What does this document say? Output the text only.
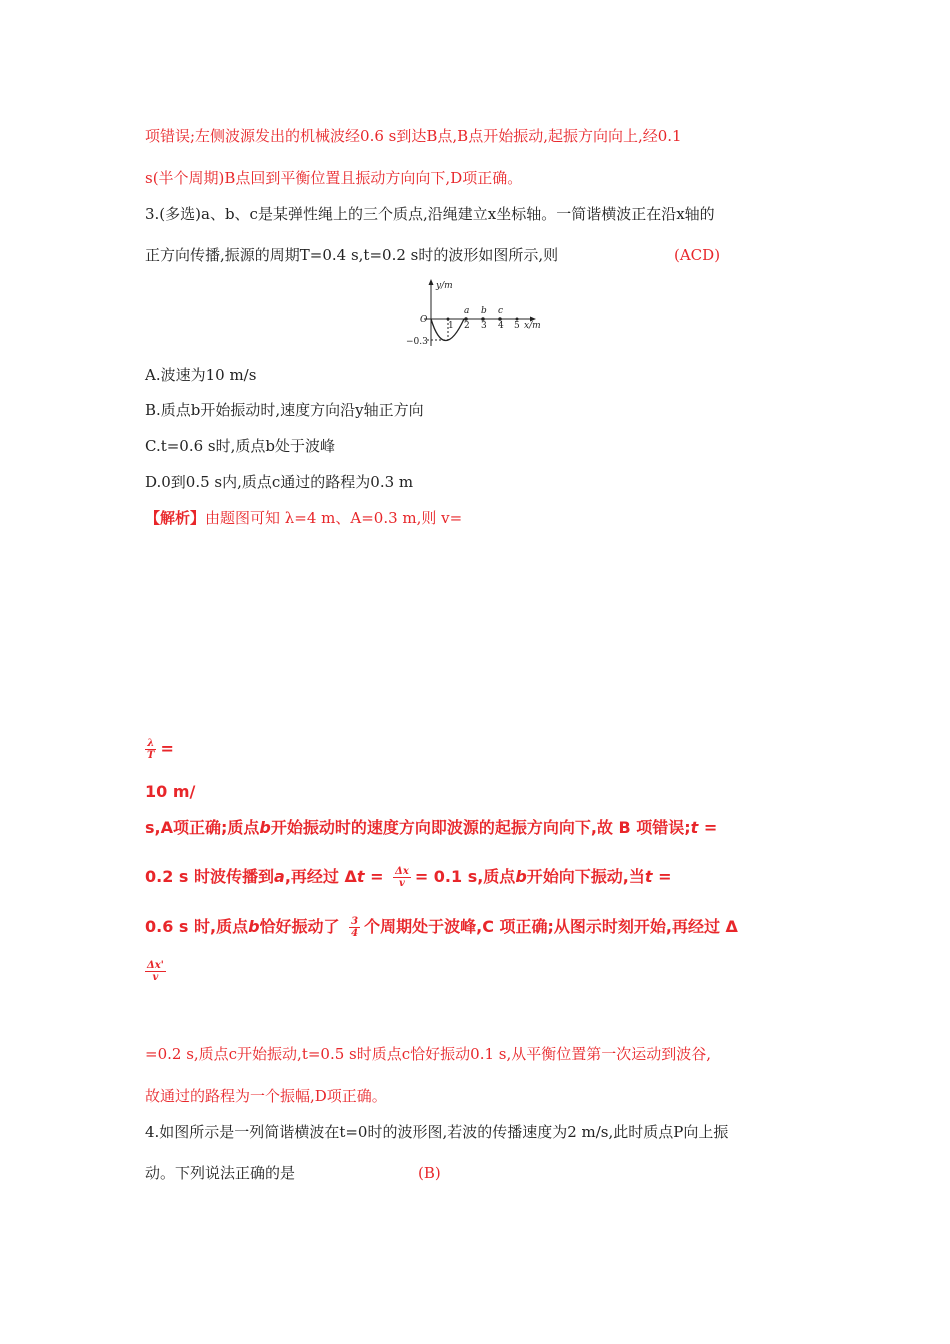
项错误;左侧波源发出的机械波经0.6 s到达B点,B点开始振动,起振方向向上,经0.1
s(半个周期)B点回到平衡位置且振动方向向下,D项正确。
3.(多选)a、b、c是某弹性绳上的三个质点,沿绳建立x坐标轴。一简谐横波正在沿x轴的
正方向传播,振源的周期T=0.4 s,t=0.2 s时的波形如图所示,则	(ACD)
y/m
x/m
O
−0.3
1 2 3 4 5
a b c
A.波速为10 m/s
B.质点b开始振动时,速度方向沿y轴正方向
C.t=0.6 s时,质点b处于波峰
D.0到0.5 s内,质点c通过的路程为0.3 m
【解析】由题图可知 λ=4 m、A=0.3 m,则 v=
$\frac{\lambda}{T}$ =
10 m/
s,A项正确;质点b开始振动时的速度方向即波源的起振方向向下,故 B 项错误;t =
0.2 s 时波传播到a,再经过 $\Delta t = \frac{\Delta x}{v} = 0.1$ s,质点b开始向下振动,当t =
0.6 s 时,质点b恰好振动了 $\frac{3}{4}$ 个周期处于波峰,C 项正确;从图示时刻开始,再经过 Δ
$\frac{\Delta x'}{v}$
=0.2 s,质点c开始振动,t=0.5 s时质点c恰好振动0.1 s,从平衡位置第一次运动到波谷,
故通过的路程为一个振幅,D项正确。
4.如图所示是一列简谐横波在t=0时的波形图,若波的传播速度为2 m/s,此时质点P向上振
动。下列说法正确的是	(B)
